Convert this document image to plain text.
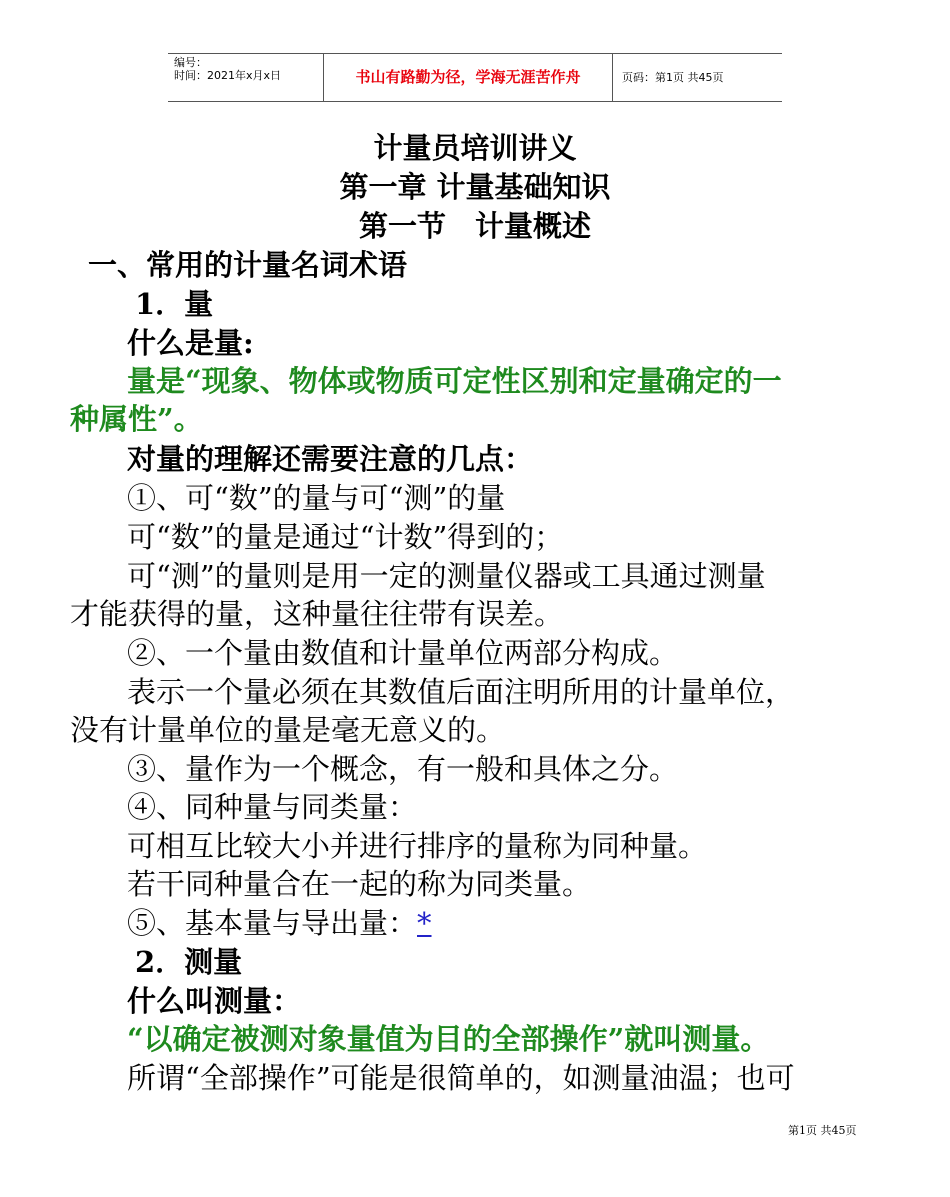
编号：
时间：2021年x月x日	书山有路勤为径，学海无涯苦作舟	页码：第1页 共45页
计量员培训讲义
第一章 计量基础知识
第一节　计量概述
一、常用的计量名词术语
1．量
什么是量:
量是“现象、物体或物质可定性区别和定量确定的一
种属性”。
对量的理解还需要注意的几点：
①、可“数”的量与可“测”的量
可“数”的量是通过“计数”得到的；
可“测”的量则是用一定的测量仪器或工具通过测量
才能获得的量，这种量往往带有误差。
②、一个量由数值和计量单位两部分构成。
表示一个量必须在其数值后面注明所用的计量单位，
没有计量单位的量是毫无意义的。
③、量作为一个概念，有一般和具体之分。
④、同种量与同类量：
可相互比较大小并进行排序的量称为同种量。
若干同种量合在一起的称为同类量。
⑤、基本量与导出量：*
2．测量
什么叫测量：
“以确定被测对象量值为目的全部操作”就叫测量。
所谓“全部操作”可能是很简单的，如测量油温；也可
第1页 共45页
